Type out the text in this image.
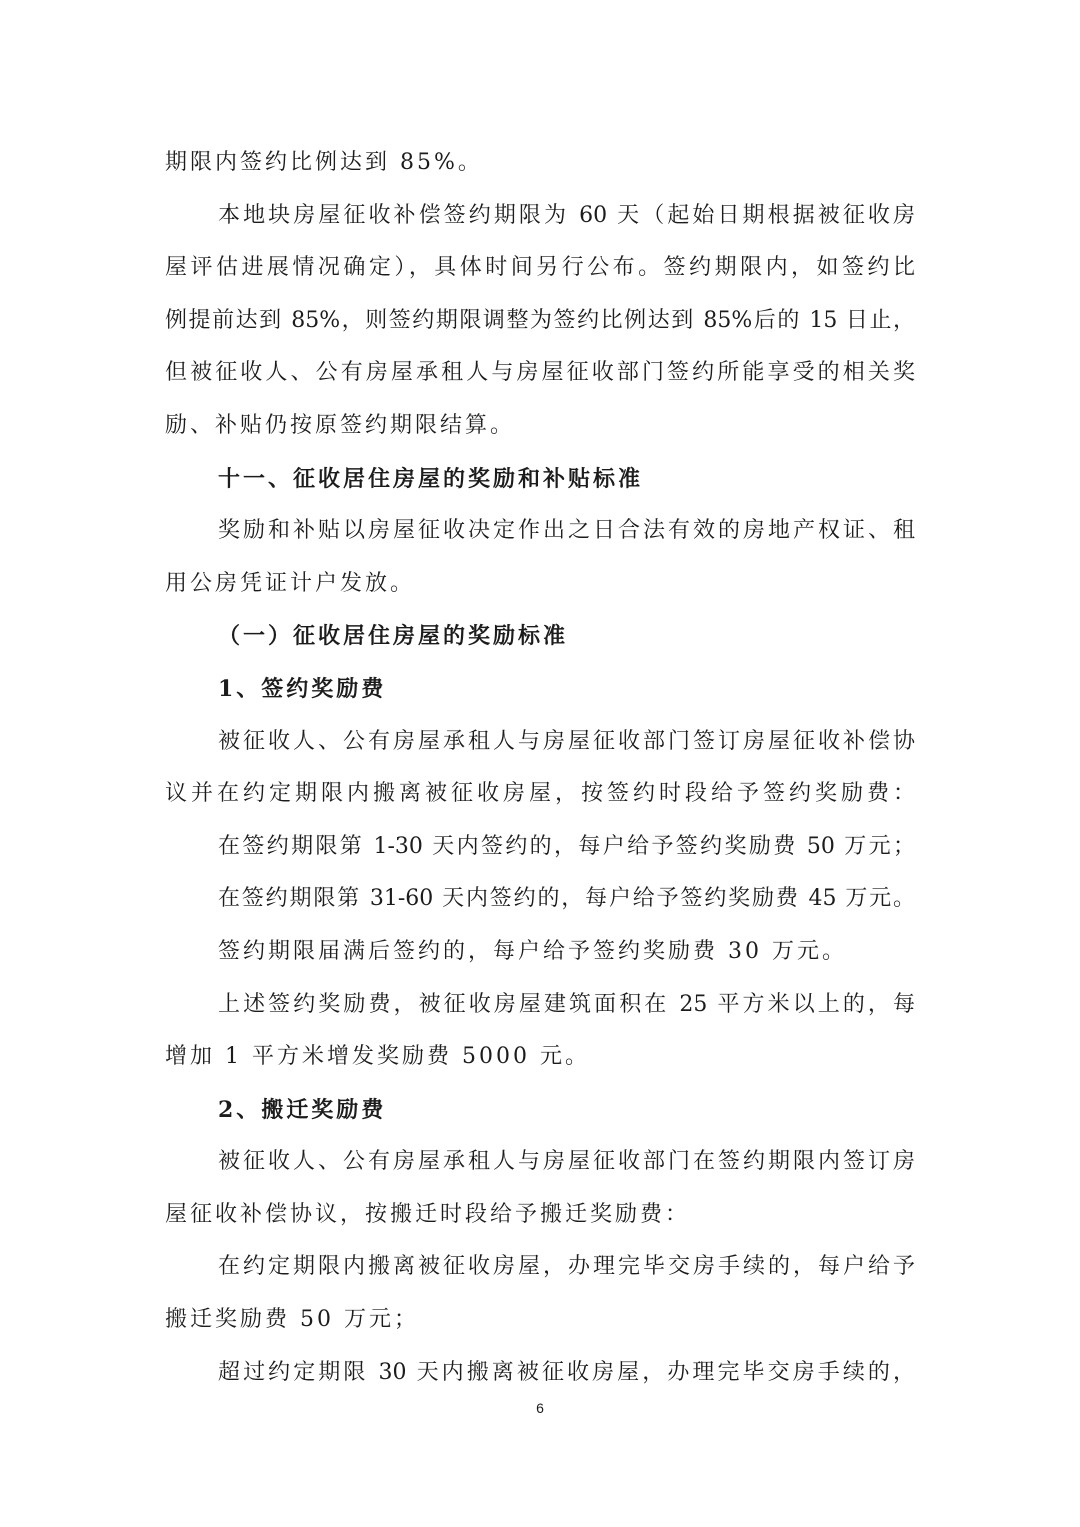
期限内签约比例达到 85%。
本地块房屋征收补偿签约期限为 60 天（起始日期根据被征收房
屋评估进展情况确定），具体时间另行公布。签约期限内，如签约比
例提前达到 85%，则签约期限调整为签约比例达到 85%后的 15 日止，
但被征收人、公有房屋承租人与房屋征收部门签约所能享受的相关奖
励、补贴仍按原签约期限结算。
十一、征收居住房屋的奖励和补贴标准
奖励和补贴以房屋征收决定作出之日合法有效的房地产权证、租
用公房凭证计户发放。
（一）征收居住房屋的奖励标准
1、签约奖励费
被征收人、公有房屋承租人与房屋征收部门签订房屋征收补偿协
议并在约定期限内搬离被征收房屋，按签约时段给予签约奖励费：
在签约期限第 1-30 天内签约的，每户给予签约奖励费 50 万元；
在签约期限第 31-60 天内签约的，每户给予签约奖励费 45 万元。
签约期限届满后签约的，每户给予签约奖励费 30 万元。
上述签约奖励费，被征收房屋建筑面积在 25 平方米以上的，每
增加 1 平方米增发奖励费 5000 元。
2、搬迁奖励费
被征收人、公有房屋承租人与房屋征收部门在签约期限内签订房
屋征收补偿协议，按搬迁时段给予搬迁奖励费：
在约定期限内搬离被征收房屋，办理完毕交房手续的，每户给予
搬迁奖励费 50 万元；
超过约定期限 30 天内搬离被征收房屋，办理完毕交房手续的，
6
